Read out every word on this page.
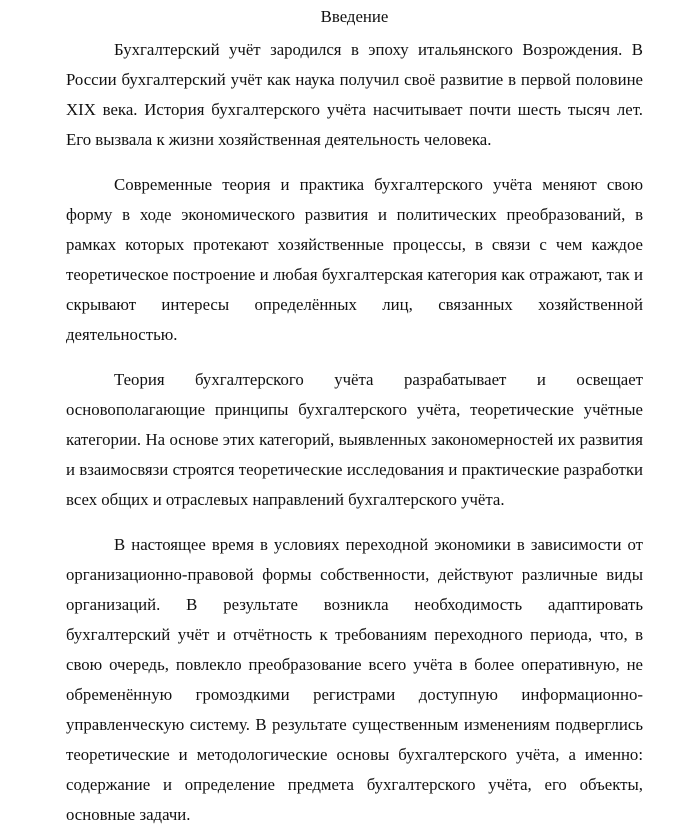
Введение

Бухгалтерский учёт зародился в эпоху итальянского Возрождения. В России бухгалтерский учёт как наука получил своё развитие в первой половине XIX века. История бухгалтерского учёта насчитывает почти шесть тысяч лет. Его вызвала к жизни хозяйственная деятельность человека.

Современные теория и практика бухгалтерского учёта меняют свою форму в ходе экономического развития и политических преобразований, в рамках которых протекают хозяйственные процессы, в связи с чем каждое теоретическое построение и любая бухгалтерская категория как отражают, так и скрывают интересы определённых лиц, связанных хозяйственной деятельностью.

Теория бухгалтерского учёта разрабатывает и освещает основополагающие принципы бухгалтерского учёта, теоретические учётные категории. На основе этих категорий, выявленных закономерностей их развития и взаимосвязи строятся теоретические исследования и практические разработки всех общих и отраслевых направлений бухгалтерского учёта.

В настоящее время в условиях переходной экономики в зависимости от организационно-правовой формы собственности, действуют различные виды организаций. В результате возникла необходимость адаптировать бухгалтерский учёт и отчётность к требованиям переходного периода, что, в свою очередь, повлекло преобразование всего учёта в более оперативную, не обременённую громоздкими регистрами доступную информационно-управленческую систему. В результате существенным изменениям подверглись теоретические и методологические основы бухгалтерского учёта, а именно: содержание и определение предмета бухгалтерского учёта, его объекты, основные задачи.
